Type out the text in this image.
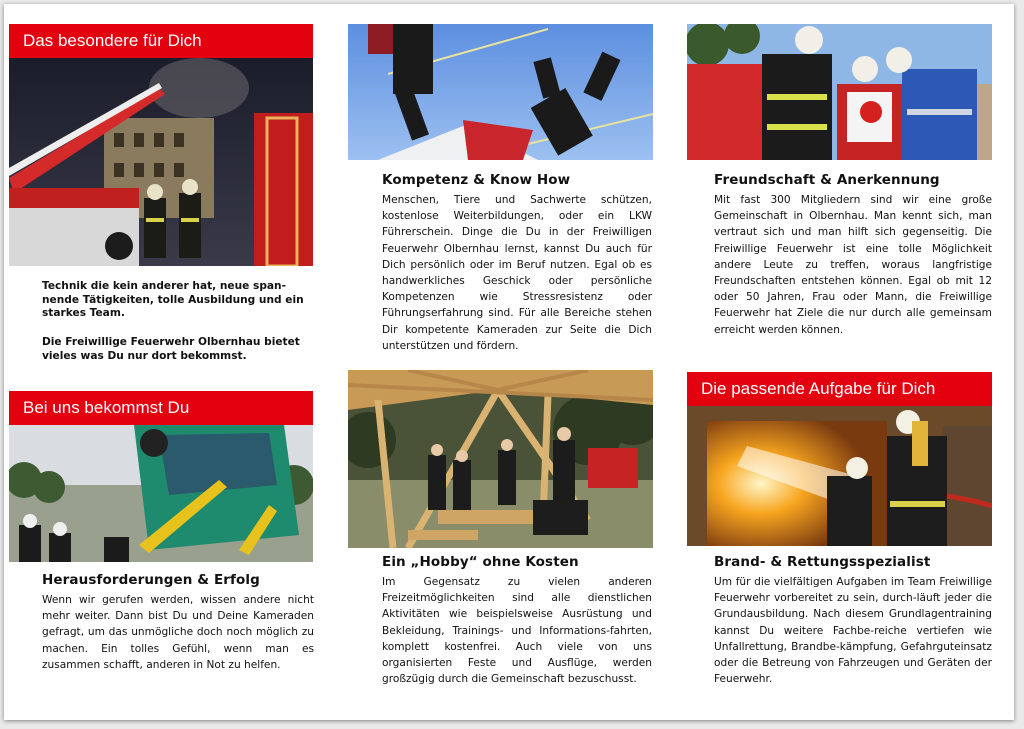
Das besondere für Dich

Technik die kein anderer hat, neue span-nende Tätigkeiten, tolle Ausbildung und ein starkes Team.

Die Freiwillige Feuerwehr Olbernhau bietet vieles was Du nur dort bekommst.

Bei uns bekommst Du
Herausforderungen & Erfolg

Wenn wir gerufen werden, wissen andere nicht mehr weiter. Dann bist Du und Deine Kameraden gefragt, um das unmögliche doch noch möglich zu machen. Ein tolles Gefühl, wenn man es zusammen schafft, anderen in Not zu helfen.

Kompetenz & Know How

Menschen, Tiere und Sachwerte schützen, kostenlose Weiterbildungen, oder ein LKW Führerschein. Dinge die Du in der Freiwilligen Feuerwehr Olbernhau lernst, kannst Du auch für Dich persönlich oder im Beruf nutzen. Egal ob es handwerkliches Geschick oder persönliche Kompetenzen wie Stressresistenz oder Führungserfahrung sind. Für alle Bereiche stehen Dir kompetente Kameraden zur Seite die Dich unterstützen und fördern.

Ein „Hobby“ ohne Kosten

Im Gegensatz zu vielen anderen Freizeitmöglichkeiten sind alle dienstlichen Aktivitäten wie beispielsweise Ausrüstung und Bekleidung, Trainings- und Informations-fahrten, komplett kostenfrei. Auch viele von uns organisierten Feste und Ausflüge, werden großzügig durch die Gemeinschaft bezuschusst.

Freundschaft & Anerkennung

Mit fast 300 Mitgliedern sind wir eine große Gemeinschaft in Olbernhau. Man kennt sich, man vertraut sich und man hilft sich gegenseitig. Die Freiwillige Feuerwehr ist eine tolle Möglichkeit andere Leute zu treffen, woraus langfristige Freundschaften entstehen können. Egal ob mit 12 oder 50 Jahren, Frau oder Mann, die Freiwillige Feuerwehr hat Ziele die nur durch alle gemeinsam erreicht werden können.

Die passende Aufgabe für Dich
Brand- & Rettungsspezialist

Um für die vielfältigen Aufgaben im Team Freiwillige Feuerwehr vorbereitet zu sein, durch-läuft jeder die Grundausbildung. Nach diesem Grundlagentraining kannst Du weitere Fachbe-reiche vertiefen wie Unfallrettung, Brandbe-kämpfung, Gefahrguteinsatz oder die Betreung von Fahrzeugen und Geräten der Feuerwehr.
